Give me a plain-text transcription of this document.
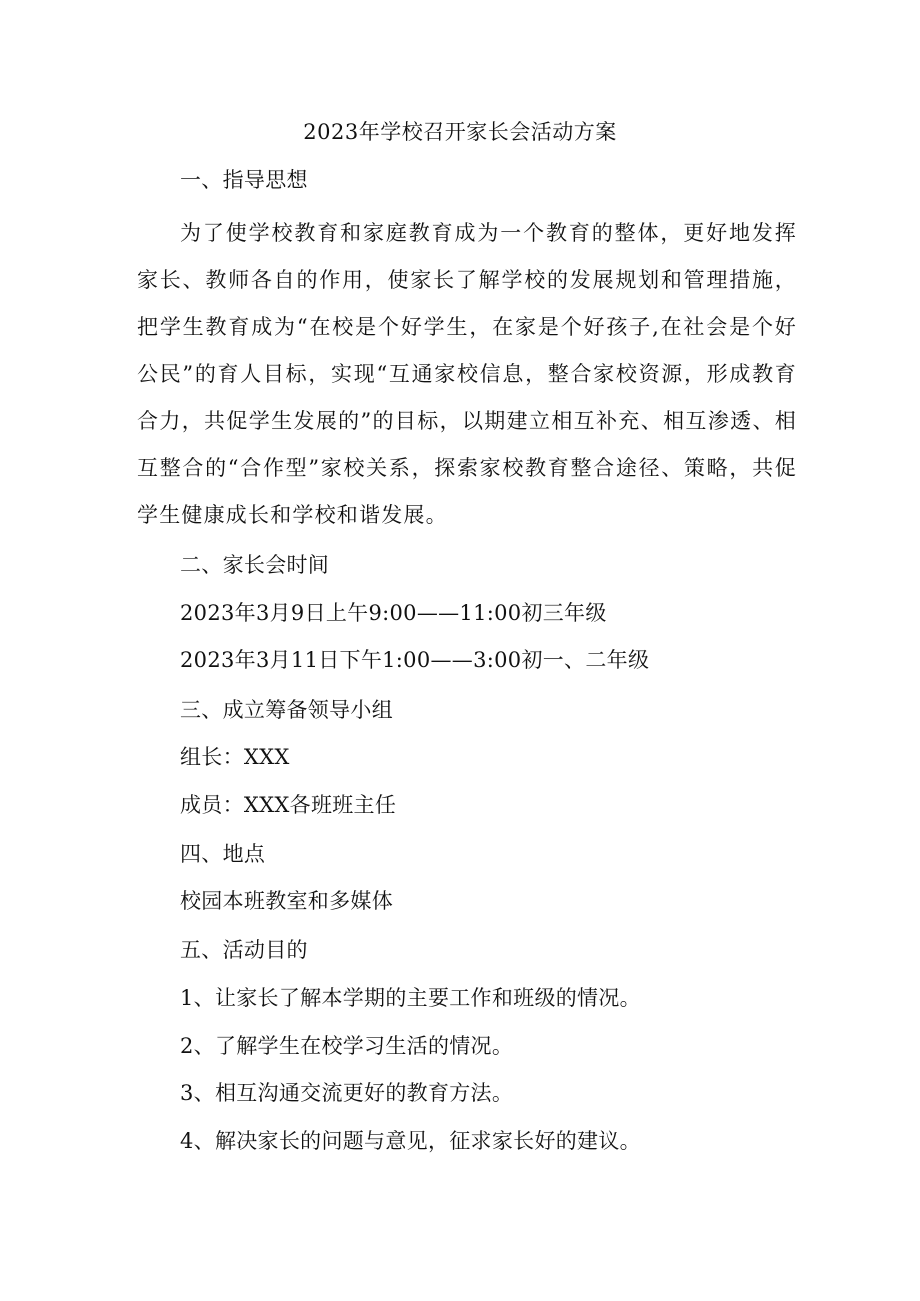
2023年学校召开家长会活动方案
一、指导思想
为了使学校教育和家庭教育成为一个教育的整体，更好地发挥家长、教师各自的作用，使家长了解学校的发展规划和管理措施，把学生教育成为“在校是个好学生，在家是个好孩子,在社会是个好公民”的育人目标，实现“互通家校信息，整合家校资源，形成教育合力，共促学生发展的”的目标，以期建立相互补充、相互渗透、相互整合的“合作型”家校关系，探索家校教育整合途径、策略，共促学生健康成长和学校和谐发展。
二、家长会时间
2023年3月9日上午9:00——11:00初三年级
2023年3月11日下午1:00——3:00初一、二年级
三、成立筹备领导小组
组长：XXX
成员：XXX各班班主任
四、地点
校园本班教室和多媒体
五、活动目的
1、让家长了解本学期的主要工作和班级的情况。
2、了解学生在校学习生活的情况。
3、相互沟通交流更好的教育方法。
4、解决家长的问题与意见，征求家长好的建议。
